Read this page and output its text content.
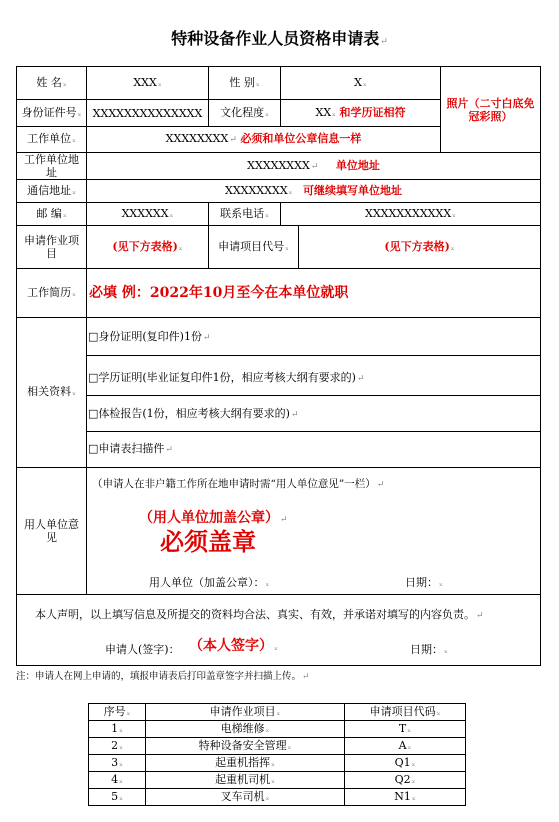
特种设备作业人员资格申请表↵
姓 名ₓ	XXXₓ	性 别ₓ	Xₓ		照片（二寸白底免冠彩照）
身份证件号ₓ	XXXXXXXXXXXXXX	文化程度ₓ	XXₓ 和学历证相符		
工作单位ₓ	XXXXXXXX↵ 必须和单位公章信息一样				
工作单位地址	XXXXXXXX↵ 单位地址				
通信地址ₓ	XXXXXXXXₓ 可继续填写单位地址				
邮 编ₓ	XXXXXXₓ	联系电话ₓ	XXXXXXXXXXXₓ		
申请作业项目	(见下方表格)ₓ	申请项目代号ₓ		(见下方表格)ₓ	
工作简历ₓ	必填 例：2022年10月至今在本单位就职				
相关资料ₓ	□身份证明(复印件)1份↵
□学历证明(毕业证复印件1份，相应考核大纲有要求的)↵
□体检报告(1份，相应考核大纲有要求的)↵
□申请表扫描件↵				

用人单位意见	（申请人在非户籍工作所在地申请时需“用人单位意见”一栏）↵
（用人单位加盖公章）↵
必须盖章
用人单位（加盖公章）：ₓ 日期：ₓ				

本人声明，以上填写信息及所提交的资料均合法、真实、有效，并承诺对填写的内容负责。↵
申请人(签字)： （本人签字）ₓ 日期：ₓ					
注：申请人在网上申请的，填报申请表后打印盖章签字并扫描上传。↵
序号ₓ	申请作业项目ₓ	申请项目代码ₓ
1ₓ	电梯维修ₓ	Tₓ
2ₓ	特种设备安全管理ₓ	Aₓ
3ₓ	起重机指挥ₓ	Q1ₓ
4ₓ	起重机司机ₓ	Q2ₓ
5ₓ	叉车司机ₓ	N1ₓ
